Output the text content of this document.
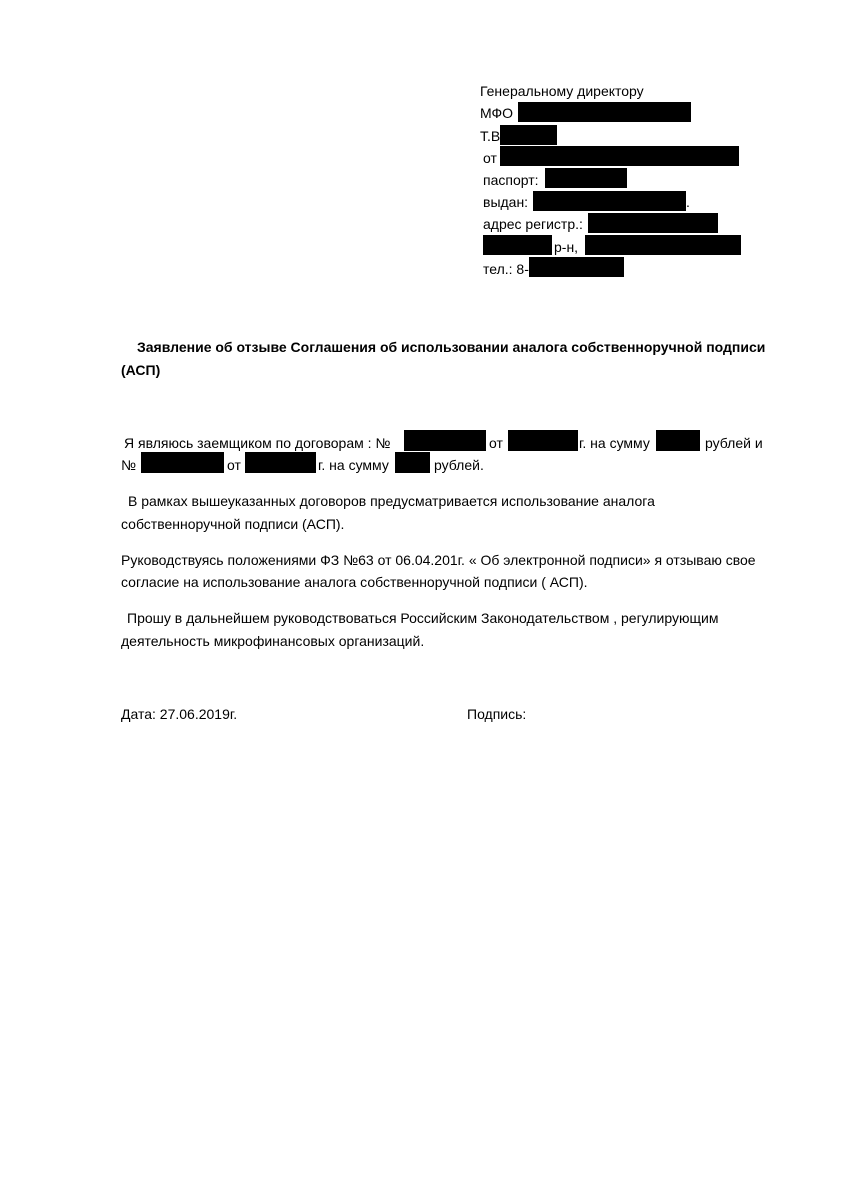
Генеральному директору
МФО
Т.В
от
паспорт:
выдан:	.
адрес регистр.:
р-н,
тел.: 8-
Заявление об отзыве Соглашения об использовании аналога собственноручной подписи
(АСП)
Я являюсь заемщиком по договорам : №	от	г. на сумму	рублей и
№	от	г. на сумму	рублей.
В рамках вышеуказанных договоров предусматривается использование аналога
собственноручной подписи (АСП).
Руководствуясь положениями ФЗ №63 от 06.04.201г. « Об электронной подписи» я отзываю свое
согласие на использование аналога собственноручной подписи ( АСП).
Прошу в дальнейшем руководствоваться Российским Законодательством , регулирующим
деятельность микрофинансовых организаций.
Дата: 27.06.2019г.	Подпись:
